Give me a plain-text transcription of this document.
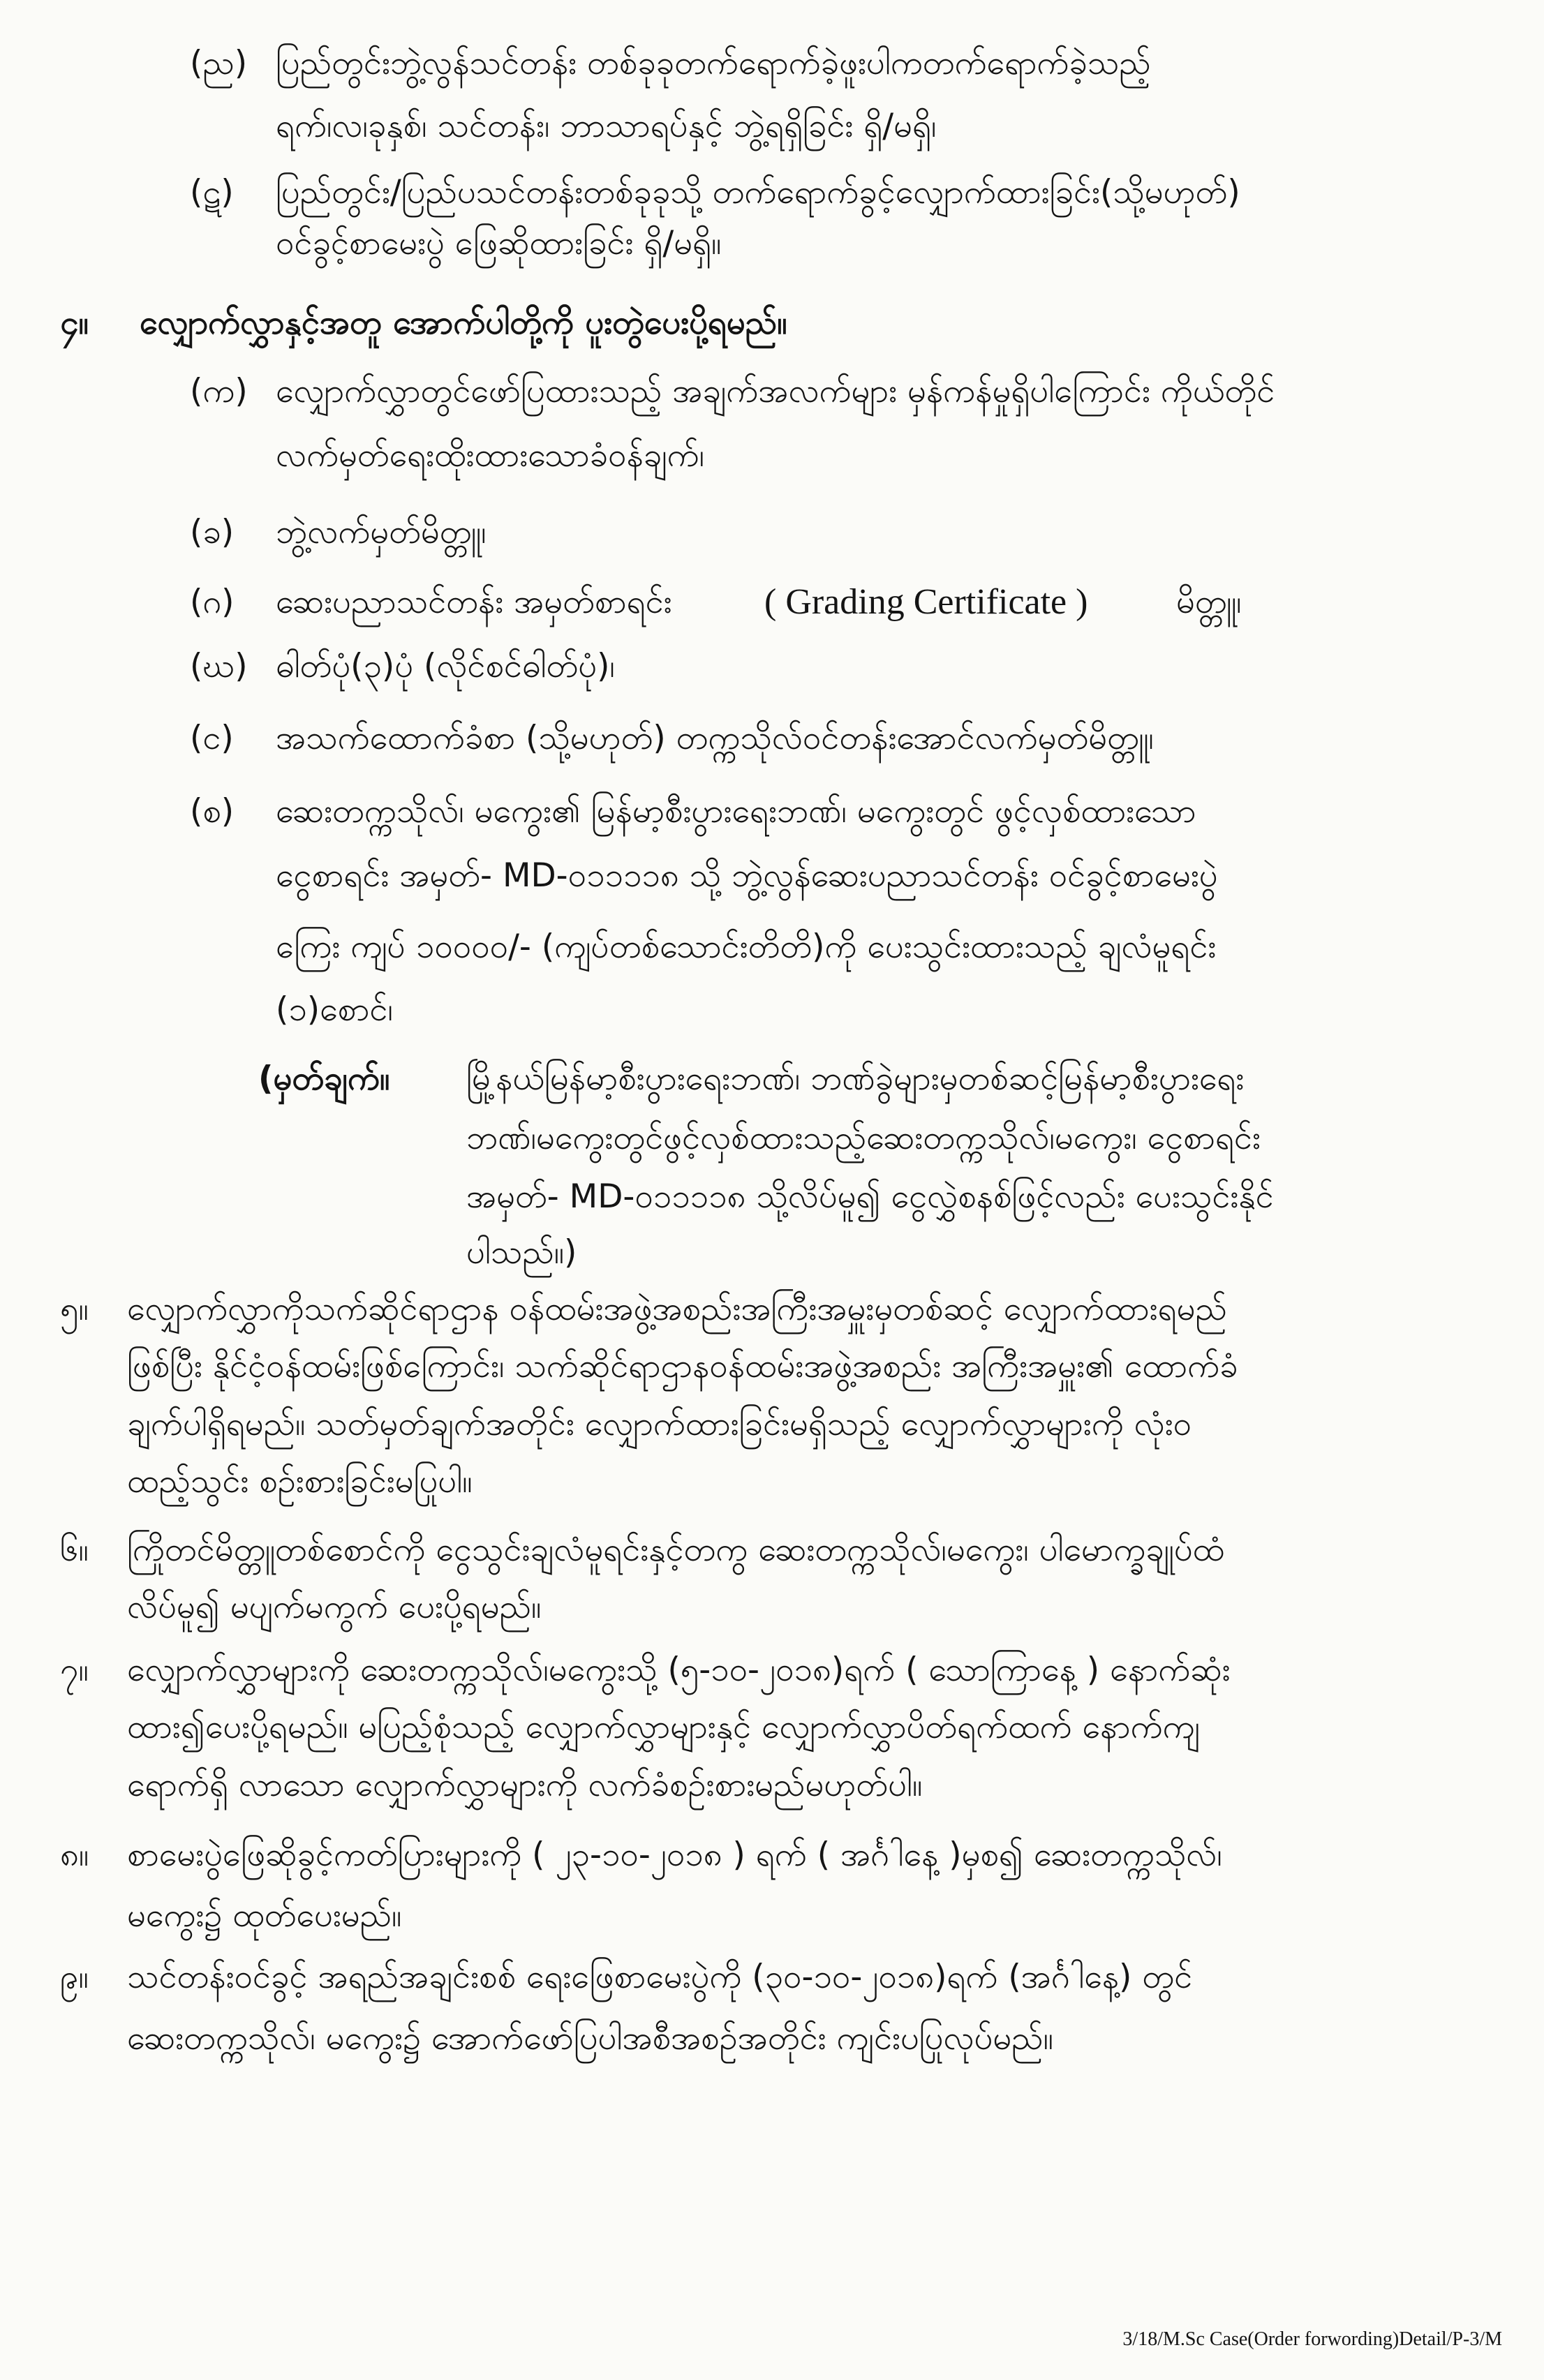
(ည) ပြည်တွင်းဘွဲ့လွန်သင်တန်း တစ်ခုခုတက်ရောက်ခဲ့ဖူးပါကတက်ရောက်ခဲ့သည့်
ရက်၊လ၊ခုနှစ်၊ သင်တန်း၊ ဘာသာရပ်နှင့် ဘွဲ့ရရှိခြင်း ရှိ/မရှိ၊
(ဋ) ပြည်တွင်း/ပြည်ပသင်တန်းတစ်ခုခုသို့ တက်ရောက်ခွင့်လျှောက်ထားခြင်း(သို့မဟုတ်)
ဝင်ခွင့်စာမေးပွဲ ဖြေဆိုထားခြင်း ရှိ/မရှိ။
၄။ လျှောက်လွှာနှင့်အတူ အောက်ပါတို့ကို ပူးတွဲပေးပို့ရမည်။
(က) လျှောက်လွှာတွင်ဖော်ပြထားသည့် အချက်အလက်များ မှန်ကန်မှုရှိပါကြောင်း ကိုယ်တိုင်
လက်မှတ်ရေးထိုးထားသောခံဝန်ချက်၊
(ခ) ဘွဲ့လက်မှတ်မိတ္တူ၊
(ဂ) ဆေးပညာသင်တန်း အမှတ်စာရင်း	( Grading Certificate )	မိတ္တူ၊
(ဃ) ဓါတ်ပုံ(၃)ပုံ (လိုင်စင်ဓါတ်ပုံ)၊
(င) အသက်ထောက်ခံစာ (သို့မဟုတ်) တက္ကသိုလ်ဝင်တန်းအောင်လက်မှတ်မိတ္တူ၊
(စ) ဆေးတက္ကသိုလ်၊ မကွေး၏ မြန်မာ့စီးပွားရေးဘဏ်၊ မကွေးတွင် ဖွင့်လှစ်ထားသော
ငွေစာရင်း အမှတ်- MD-၀၁၁၁၁၈ သို့ ဘွဲ့လွန်ဆေးပညာသင်တန်း ဝင်ခွင့်စာမေးပွဲ
ကြေး ကျပ် ၁၀၀၀၀/- (ကျပ်တစ်သောင်းတိတိ)ကို ပေးသွင်းထားသည့် ချလံမူရင်း
(၁)စောင်၊
(မှတ်ချက်။ မြို့နယ်မြန်မာ့စီးပွားရေးဘဏ်၊ ဘဏ်ခွဲများမှတစ်ဆင့်မြန်မာ့စီးပွားရေး
ဘဏ်၊မကွေးတွင်ဖွင့်လှစ်ထားသည့်ဆေးတက္ကသိုလ်၊မကွေး၊ ငွေစာရင်း
အမှတ်- MD-၀၁၁၁၁၈ သို့လိပ်မူ၍ ငွေလွှဲစနစ်ဖြင့်လည်း ပေးသွင်းနိုင်
ပါသည်။)
၅။ လျှောက်လွှာကိုသက်ဆိုင်ရာဌာန ဝန်ထမ်းအဖွဲ့အစည်းအကြီးအမှူးမှတစ်ဆင့် လျှောက်ထားရမည်
ဖြစ်ပြီး နိုင်ငံ့ဝန်ထမ်းဖြစ်ကြောင်း၊ သက်ဆိုင်ရာဌာနဝန်ထမ်းအဖွဲ့အစည်း အကြီးအမှူး၏ ထောက်ခံ
ချက်ပါရှိရမည်။ သတ်မှတ်ချက်အတိုင်း လျှောက်ထားခြင်းမရှိသည့် လျှောက်လွှာများကို လုံးဝ
ထည့်သွင်း စဉ်းစားခြင်းမပြုပါ။
၆။ ကြိုတင်မိတ္တူတစ်စောင်ကို ငွေသွင်းချလံမူရင်းနှင့်တကွ ဆေးတက္ကသိုလ်၊မကွေး၊ ပါမောက္ခချုပ်ထံ
လိပ်မူ၍ မပျက်မကွက် ပေးပို့ရမည်။
၇။ လျှောက်လွှာများကို ဆေးတက္ကသိုလ်၊မကွေးသို့ (၅-၁၀-၂၀၁၈)ရက် ( သောကြာနေ့ ) နောက်ဆုံး
ထား၍ပေးပို့ရမည်။ မပြည့်စုံသည့် လျှောက်လွှာများနှင့် လျှောက်လွှာပိတ်ရက်ထက် နောက်ကျ
ရောက်ရှိ လာသော လျှောက်လွှာများကို လက်ခံစဉ်းစားမည်မဟုတ်ပါ။
၈။ စာမေးပွဲဖြေဆိုခွင့်ကတ်ပြားများကို ( ၂၃-၁၀-၂၀၁၈ ) ရက် ( အင်္ဂါနေ့ )မှစ၍ ဆေးတက္ကသိုလ်၊
မကွေး၌ ထုတ်ပေးမည်။
၉။ သင်တန်းဝင်ခွင့် အရည်အချင်းစစ် ရေးဖြေစာမေးပွဲကို (၃၀-၁၀-၂၀၁၈)ရက် (အင်္ဂါနေ့) တွင်
ဆေးတက္ကသိုလ်၊ မကွေး၌ အောက်ဖော်ပြပါအစီအစဉ်အတိုင်း ကျင်းပပြုလုပ်မည်။
3/18/M.Sc Case(Order forwording)Detail/P-3/M
